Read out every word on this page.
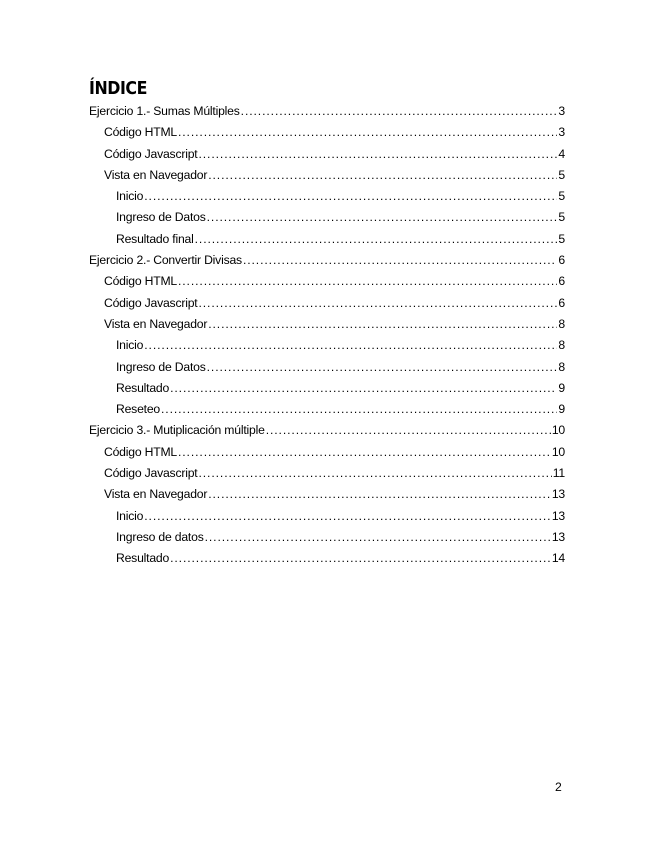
ÍNDICE
Ejercicio 1.- Sumas Múltiples .....	3
Código HTML .....	3
Código Javascript .....	4
Vista en Navegador .....	5
Inicio .....	5
Ingreso de Datos .....	5
Resultado final .....	5
Ejercicio 2.- Convertir Divisas .....	6
Código HTML .....	6
Código Javascript .....	6
Vista en Navegador .....	8
Inicio .....	8
Ingreso de Datos .....	8
Resultado .....	9
Reseteo .....	9
Ejercicio 3.- Mutiplicación múltiple .....	10
Código HTML .....	10
Código Javascript .....	11
Vista en Navegador .....	13
Inicio .....	13
Ingreso de datos .....	13
Resultado .....	14
2
